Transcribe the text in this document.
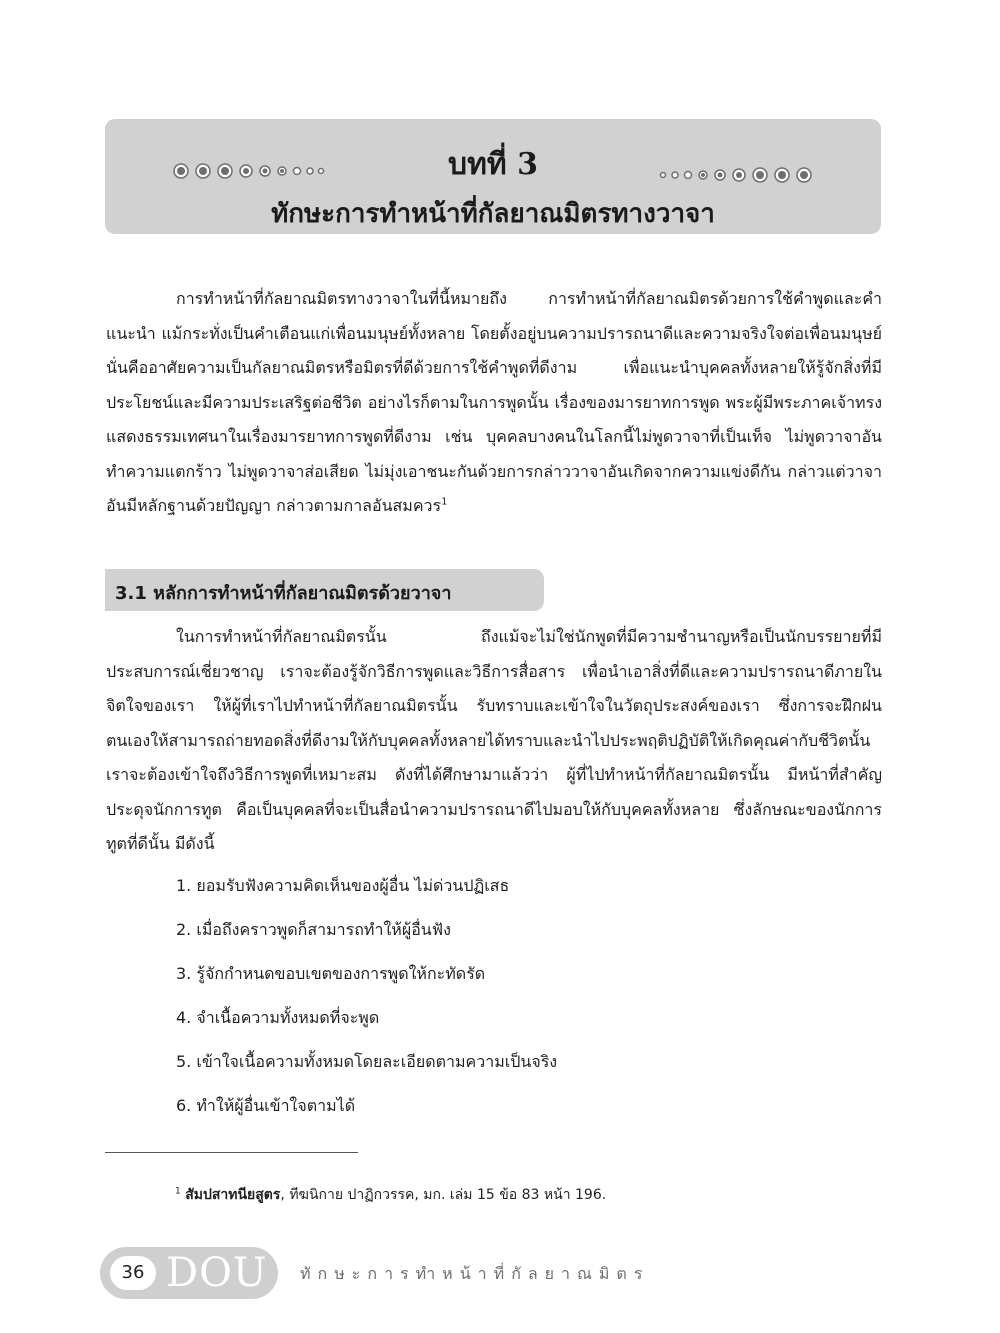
บทที่ 3
ทักษะการทำหน้าที่กัลยาณมิตรทางวาจา

การทำหน้าที่กัลยาณมิตรทางวาจาในที่นี้หมายถึง การทำหน้าที่กัลยาณมิตรด้วยการใช้คำพูดและคำแนะนำ แม้กระทั่งเป็นคำเตือนแก่เพื่อนมนุษย์ทั้งหลาย โดยตั้งอยู่บนความปรารถนาดีและความจริงใจต่อเพื่อนมนุษย์ นั่นคืออาศัยความเป็นกัลยาณมิตรหรือมิตรที่ดีด้วยการใช้คำพูดที่ดีงาม เพื่อแนะนำบุคคลทั้งหลายให้รู้จักสิ่งที่มีประโยชน์และมีความประเสริฐต่อชีวิต อย่างไรก็ตามในการพูดนั้น เรื่องของมารยาทการพูด พระผู้มีพระภาคเจ้าทรงแสดงธรรมเทศนาในเรื่องมารยาทการพูดที่ดีงาม เช่น บุคคลบางคนในโลกนี้ไม่พูดวาจาที่เป็นเท็จ ไม่พูดวาจาอันทำความแตกร้าว ไม่พูดวาจาส่อเสียด ไม่มุ่งเอาชนะกันด้วยการกล่าววาจาอันเกิดจากความแข่งดีกัน กล่าวแต่วาจาอันมีหลักฐานด้วยปัญญา กล่าวตามกาลอันสมควร$^1$

3.1 หลักการทำหน้าที่กัลยาณมิตรด้วยวาจา

ในการทำหน้าที่กัลยาณมิตรนั้น ถึงแม้จะไม่ใช่นักพูดที่มีความชำนาญหรือเป็นนักบรรยายที่มีประสบการณ์เชี่ยวชาญ เราจะต้องรู้จักวิธีการพูดและวิธีการสื่อสาร เพื่อนำเอาสิ่งที่ดีและความปรารถนาดีภายในจิตใจของเรา ให้ผู้ที่เราไปทำหน้าที่กัลยาณมิตรนั้น รับทราบและเข้าใจในวัตถุประสงค์ของเรา ซึ่งการจะฝึกฝนตนเองให้สามารถถ่ายทอดสิ่งที่ดีงามให้กับบุคคลทั้งหลายได้ทราบและนำไปประพฤติปฏิบัติให้เกิดคุณค่ากับชีวิตนั้น เราจะต้องเข้าใจถึงวิธีการพูดที่เหมาะสม ดังที่ได้ศึกษามาแล้วว่า ผู้ที่ไปทำหน้าที่กัลยาณมิตรนั้น มีหน้าที่สำคัญประดุจนักการทูต คือเป็นบุคคลที่จะเป็นสื่อนำความปรารถนาดีไปมอบให้กับบุคคลทั้งหลาย ซึ่งลักษณะของนักการทูตที่ดีนั้น มีดังนี้

1. ยอมรับฟังความคิดเห็นของผู้อื่น ไม่ด่วนปฏิเสธ
2. เมื่อถึงคราวพูดก็สามารถทำให้ผู้อื่นฟัง
3. รู้จักกำหนดขอบเขตของการพูดให้กะทัดรัด
4. จำเนื้อความทั้งหมดที่จะพูด
5. เข้าใจเนื้อความทั้งหมดโดยละเอียดตามความเป็นจริง
6. ทำให้ผู้อื่นเข้าใจตามได้
$^1$ สัมปสาทนียสูตร, ทีฆนิกาย ปาฏิกวรรค, มก. เล่ม 15 ข้อ 83 หน้า 196.
36 DOU ทักษะการทำหน้าที่กัลยาณมิตร
